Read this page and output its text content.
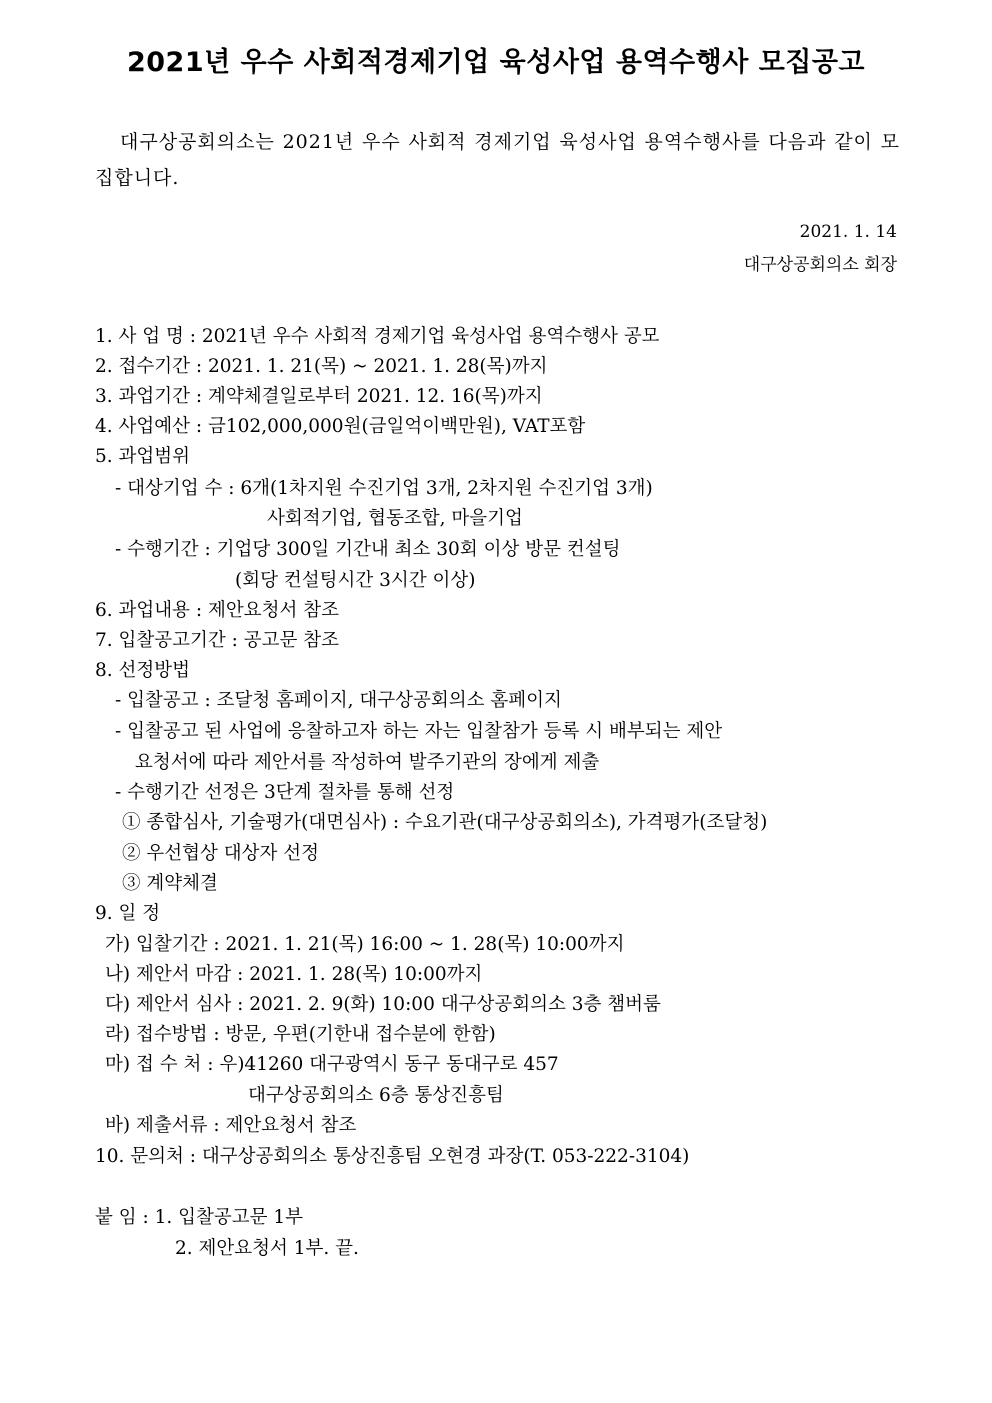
2021년 우수 사회적경제기업 육성사업 용역수행사 모집공고
대구상공회의소는 2021년 우수 사회적 경제기업 육성사업 용역수행사를 다음과 같이 모집합니다.
2021. 1. 14
대구상공회의소 회장
1. 사 업 명 : 2021년 우수 사회적 경제기업 육성사업 용역수행사 공모
2. 접수기간 : 2021. 1. 21(목) ~ 2021. 1. 28(목)까지
3. 과업기간 : 계약체결일로부터 2021. 12. 16(목)까지
4. 사업예산 : 금102,000,000원(금일억이백만원), VAT포함
5. 과업범위
- 대상기업 수 : 6개(1차지원 수진기업 3개, 2차지원 수진기업 3개)
사회적기업, 협동조합, 마을기업
- 수행기간 : 기업당 300일 기간내 최소 30회 이상 방문 컨설팅
(회당 컨설팅시간 3시간 이상)
6. 과업내용 : 제안요청서 참조
7. 입찰공고기간 : 공고문 참조
8. 선정방법
- 입찰공고 : 조달청 홈페이지, 대구상공회의소 홈페이지
- 입찰공고 된 사업에 응찰하고자 하는 자는 입찰참가 등록 시 배부되는 제안
요청서에 따라 제안서를 작성하여 발주기관의 장에게 제출
- 수행기간 선정은 3단계 절차를 통해 선정
① 종합심사, 기술평가(대면심사) : 수요기관(대구상공회의소), 가격평가(조달청)
② 우선협상 대상자 선정
③ 계약체결
9. 일 정
가) 입찰기간 : 2021. 1. 21(목) 16:00 ~ 1. 28(목) 10:00까지
나) 제안서 마감 : 2021. 1. 28(목) 10:00까지
다) 제안서 심사 : 2021. 2. 9(화) 10:00 대구상공회의소 3층 챔버룸
라) 접수방법 : 방문, 우편(기한내 접수분에 한함)
마) 접 수 처 : 우)41260 대구광역시 동구 동대구로 457
대구상공회의소 6층 통상진흥팀
바) 제출서류 : 제안요청서 참조
10. 문의처 : 대구상공회의소 통상진흥팀 오현경 과장(T. 053-222-3104)
붙 임 : 1. 입찰공고문 1부
2. 제안요청서 1부. 끝.
